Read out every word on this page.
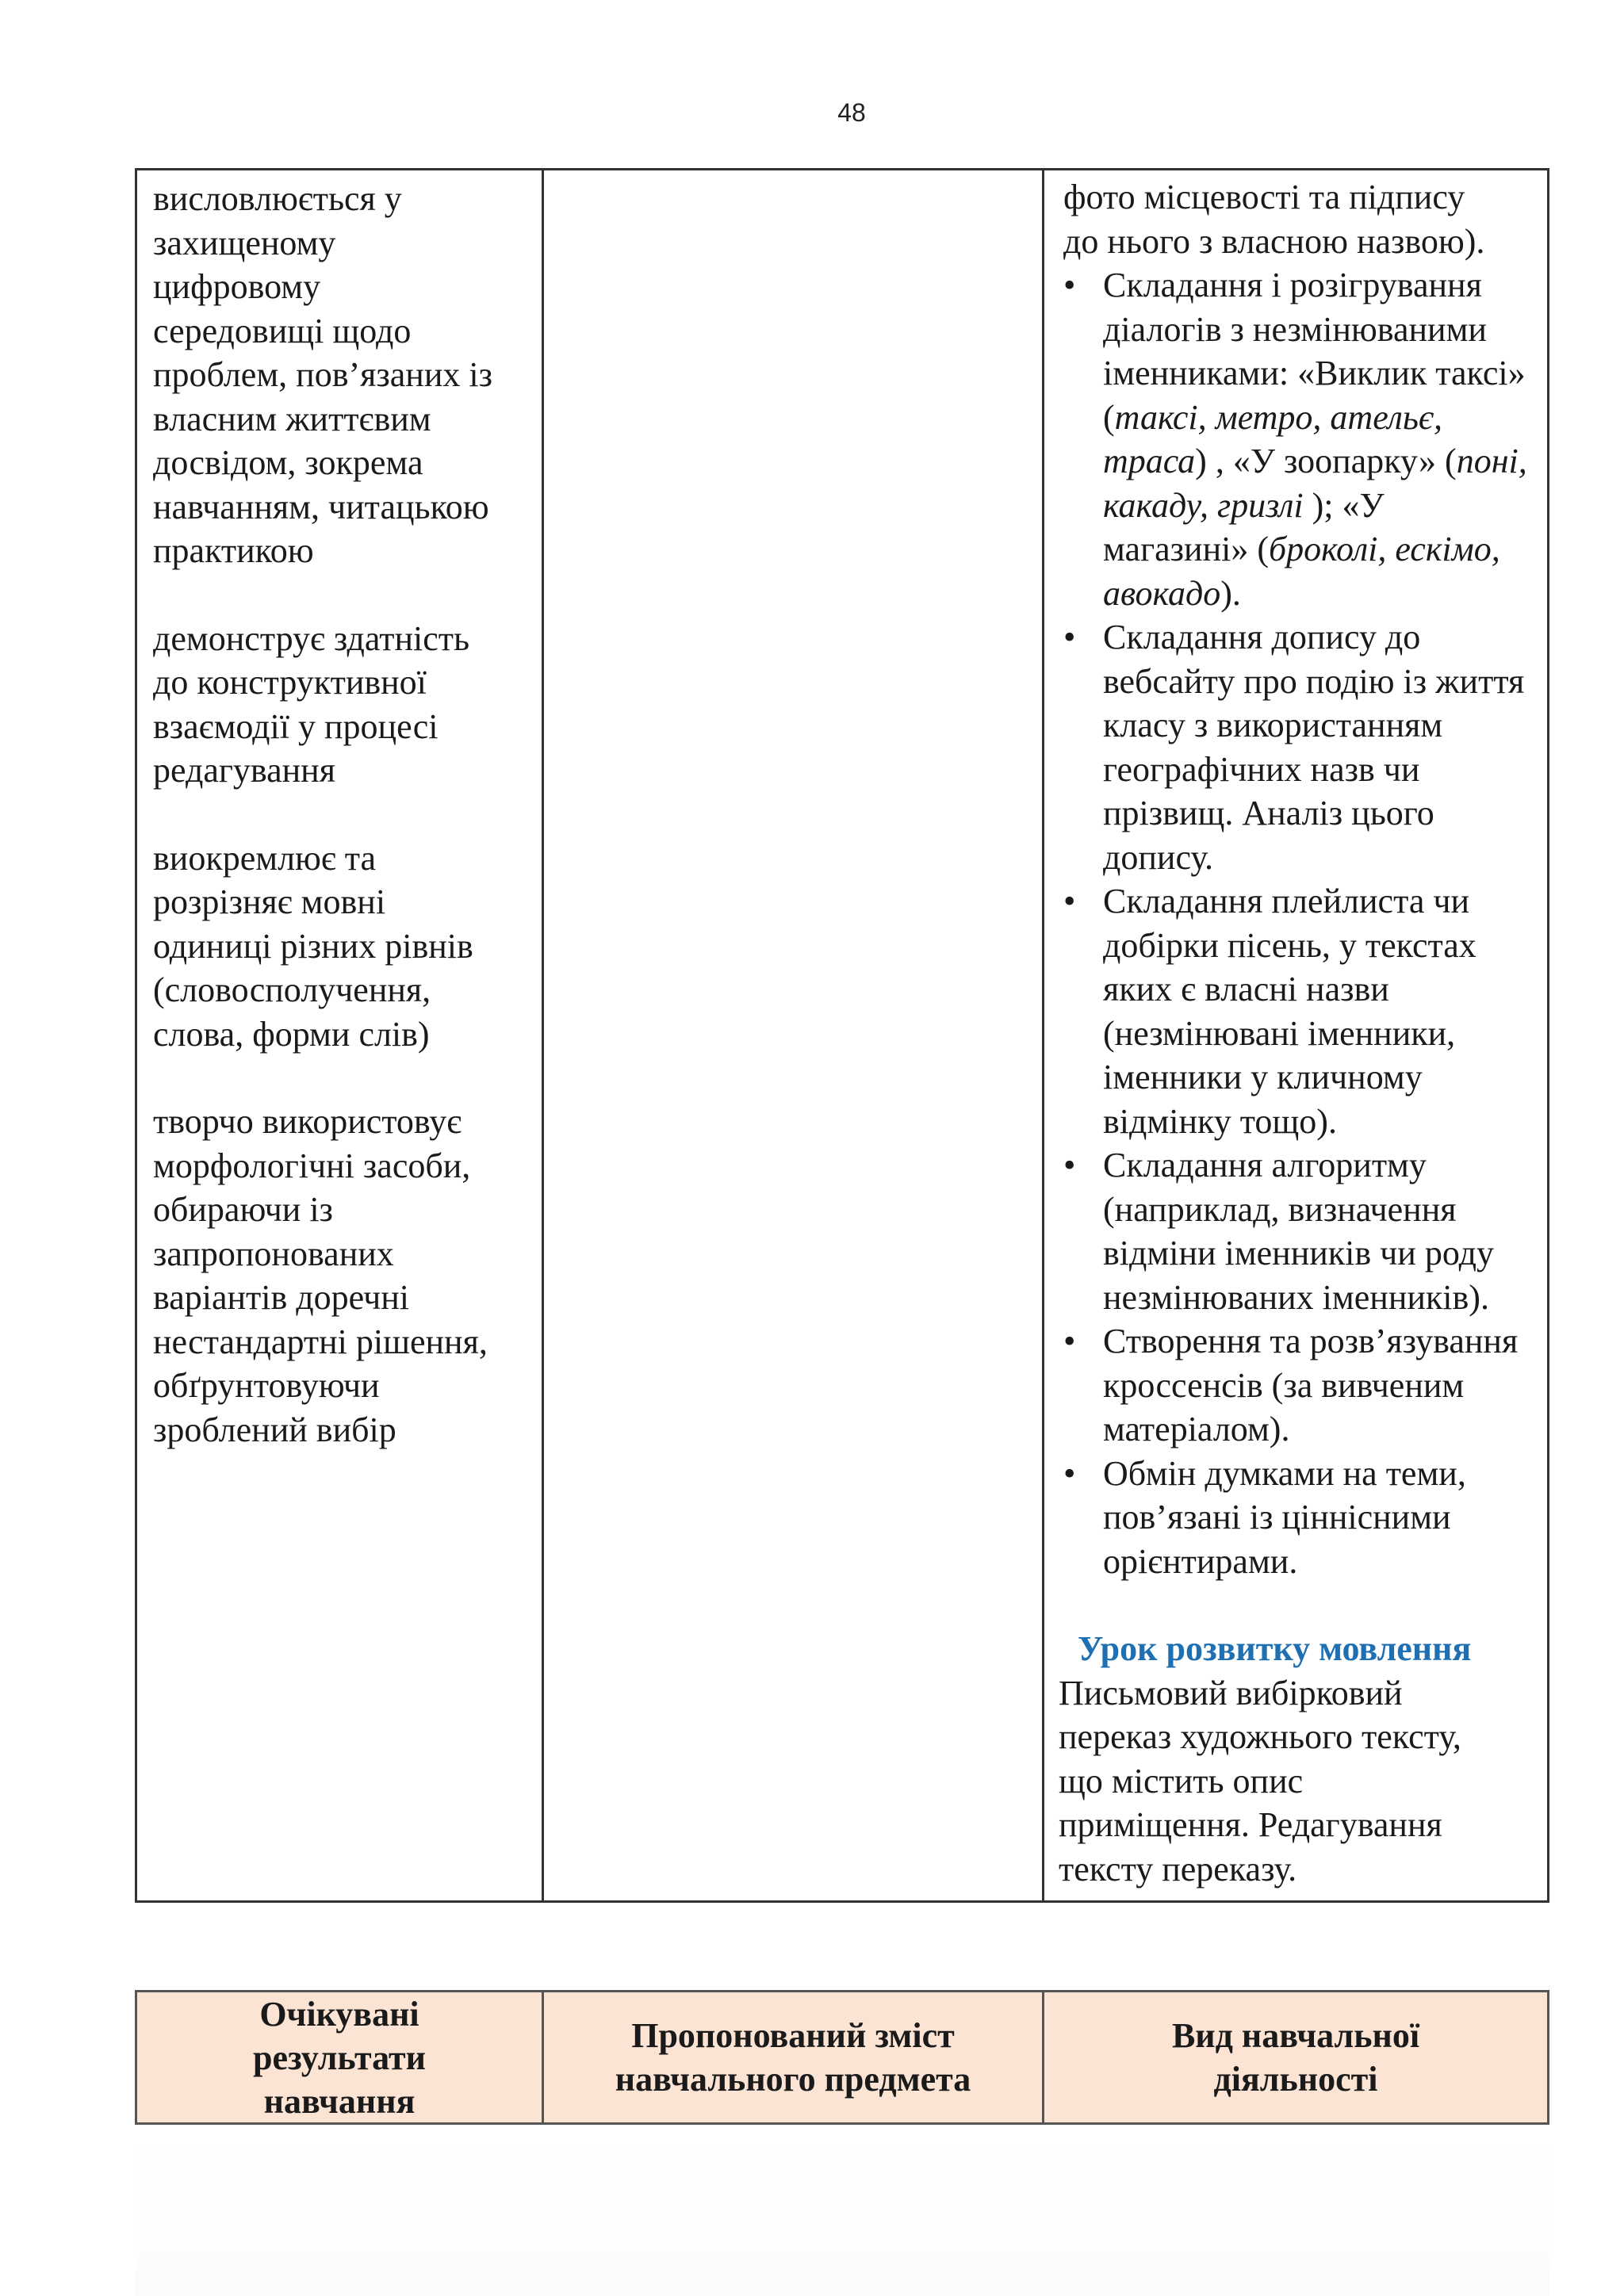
48

висловлюється у
захищеному
цифровому
середовищі щодо
проблем, пов’язаних із
власним життєвим
досвідом, зокрема
навчанням, читацькою
практикою

демонструє здатність
до конструктивної
взаємодії у процесі
редагування

виокремлює та
розрізняє мовні
одиниці різних рівнів
(словосполучення,
слова, форми слів)

творчо використовує
морфологічні засоби,
обираючи із
запропонованих
варіантів доречні
нестандартні рішення,
обґрунтовуючи
зроблений вибір

фото місцевості та підпису
до нього з власною назвою).

• Складання і розігрування діалогів з незмінюваними іменниками: «Виклик таксі» (таксі, метро, ательє, траса) , «У зоопарку» (поні, какаду, гризлі ); «У магазині» (броколі, ескімо, авокадо).
• Складання допису до вебсайту про подію із життя класу з використанням географічних назв чи прізвищ. Аналіз цього допису.
• Складання плейлиста чи добірки пісень, у текстах яких є власні назви (незмінювані іменники, іменники у кличному відмінку тощо).
• Складання алгоритму (наприклад, визначення відміни іменників чи роду незмінюваних іменників).
• Створення та розв’язування кроссенсів (за вивченим матеріалом).
• Обмін думками на теми, пов’язані із ціннісними орієнтирами.
Урок розвитку мовлення
Письмовий вибірковий
переказ художнього тексту,
що містить опис
приміщення. Редагування
тексту переказу.
Очікувані
результати
навчання
Пропонований зміст
навчального предмета
Вид навчальної
діяльності
